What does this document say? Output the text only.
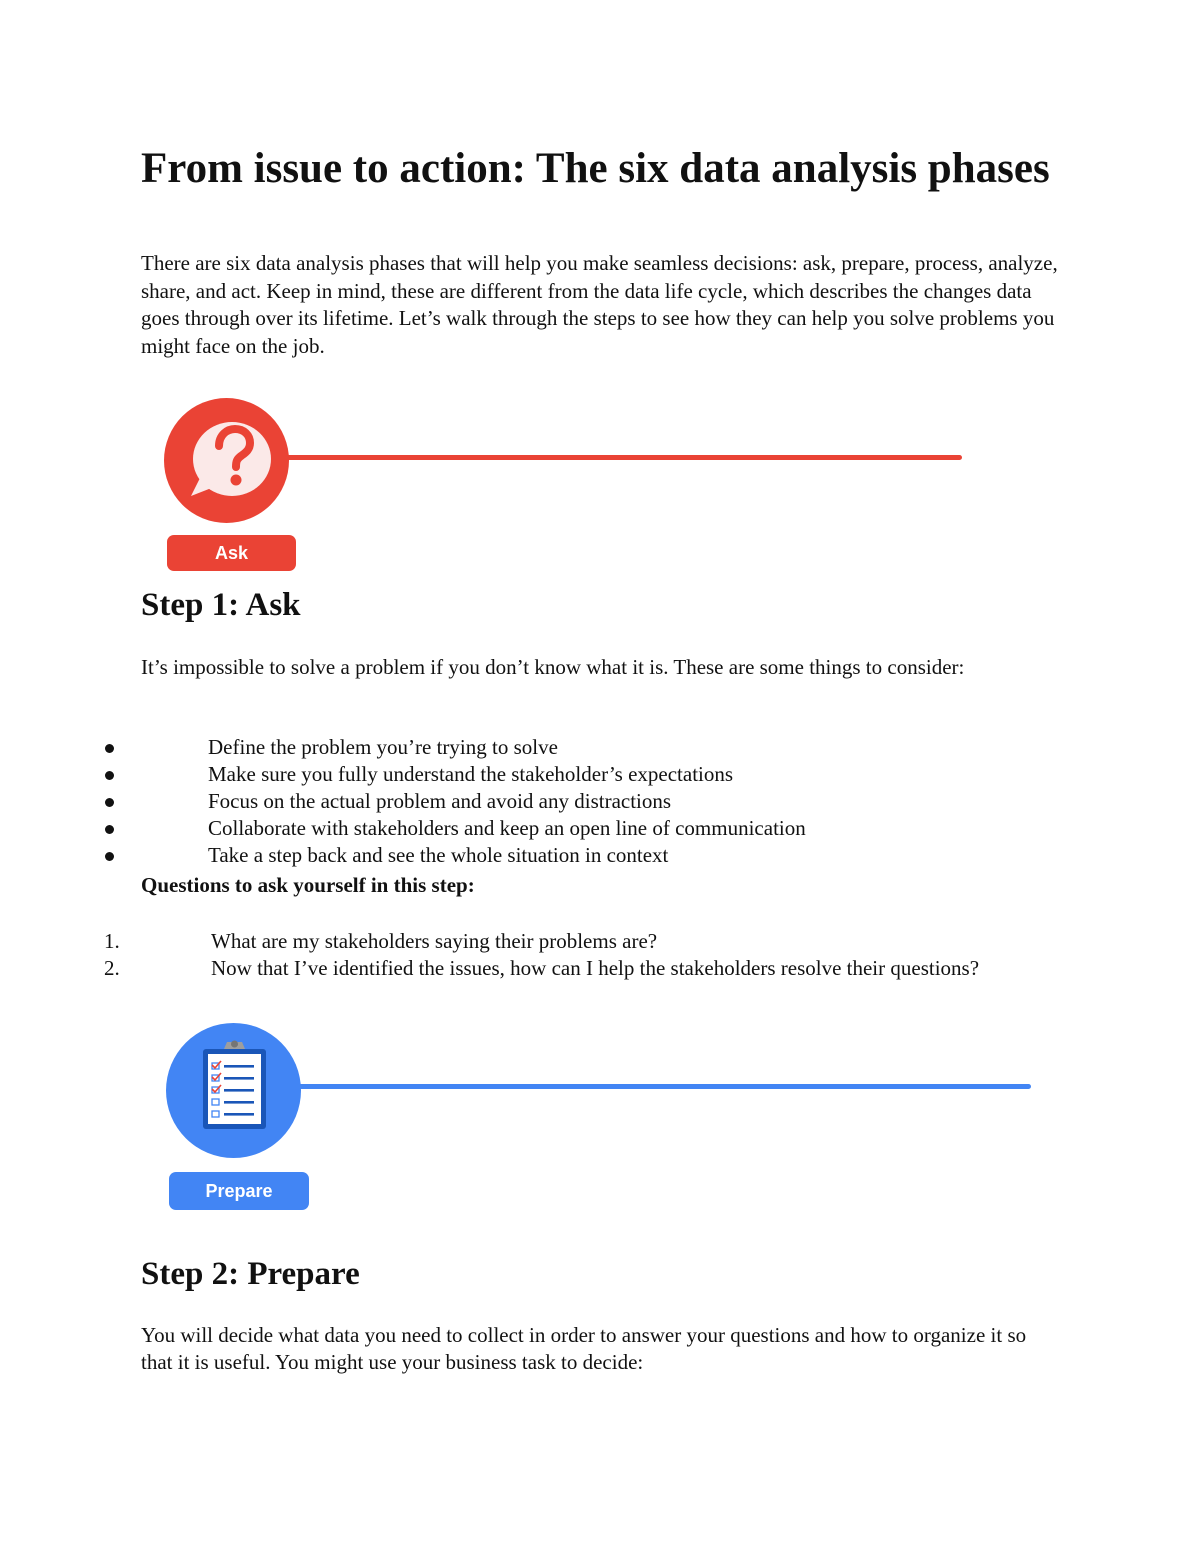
From issue to action: The six data analysis phases

There are six data analysis phases that will help you make seamless decisions: ask, prepare, process, analyze, share, and act. Keep in mind, these are different from the data life cycle, which describes the changes data goes through over its lifetime. Let’s walk through the steps to see how they can help you solve problems you might face on the job.

Ask
Step 1: Ask

It’s impossible to solve a problem if you don’t know what it is. These are some things to consider:

Define the problem you’re trying to solve
Make sure you fully understand the stakeholder’s expectations
Focus on the actual problem and avoid any distractions
Collaborate with stakeholders and keep an open line of communication
Take a step back and see the whole situation in context

Questions to ask yourself in this step:

1.	What are my stakeholders saying their problems are?
2.	Now that I’ve identified the issues, how can I help the stakeholders resolve their questions?

Prepare
Step 2: Prepare

You will decide what data you need to collect in order to answer your questions and how to organize it so that it is useful. You might use your business task to decide:
